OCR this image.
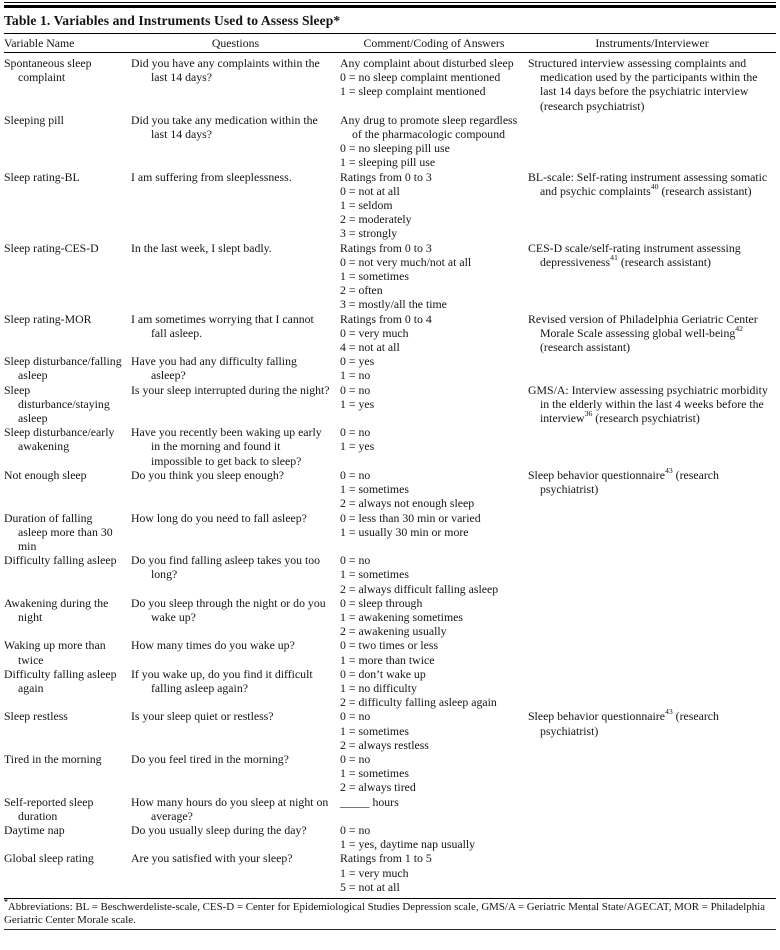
Table 1. Variables and Instruments Used to Assess Sleep*
Variable Name	Questions	Comment/Coding of Answers	Instruments/Interviewer

Spontaneous sleep complaint	Did you have any complaints within the last 14 days?	Any complaint about disturbed sleep
0 = no sleep complaint mentioned
1 = sleep complaint mentioned	Structured interview assessing complaints and medication used by the participants within the last 14 days before the psychiatric interview (research psychiatrist)

Sleeping pill	Did you take any medication within the last 14 days?	Any drug to promote sleep regardless of the pharmacologic compound
0 = no sleeping pill use
1 = sleeping pill use	

Sleep rating-BL	I am suffering from sleeplessness.	Ratings from 0 to 3
0 = not at all
1 = seldom
2 = moderately
3 = strongly	BL-scale: Self-rating instrument assessing somatic and psychic complaints$^{40}$ (research assistant)

Sleep rating-CES-D	In the last week, I slept badly.	Ratings from 0 to 3
0 = not very much/not at all
1 = sometimes
2 = often
3 = mostly/all the time	CES-D scale/self-rating instrument assessing depressiveness$^{41}$ (research assistant)

Sleep rating-MOR	I am sometimes worrying that I cannot fall asleep.	Ratings from 0 to 4
0 = very much
4 = not at all	Revised version of Philadelphia Geriatric Center Morale Scale assessing global well-being$^{42}$ (research assistant)

Sleep disturbance/falling asleep	Have you had any difficulty falling asleep?	0 = yes
1 = no	

Sleep disturbance/staying asleep	Is your sleep interrupted during the night?	0 = no
1 = yes	GMS/A: Interview assessing psychiatric morbidity in the elderly within the last 4 weeks before the interview$^{36}$ (research psychiatrist)

Sleep disturbance/early awakening	Have you recently been waking up early in the morning and found it impossible to get back to sleep?	0 = no
1 = yes	

Not enough sleep	Do you think you sleep enough?	0 = no
1 = sometimes
2 = always not enough sleep	Sleep behavior questionnaire$^{43}$ (research psychiatrist)

Duration of falling asleep more than 30 min	How long do you need to fall asleep?	0 = less than 30 min or varied
1 = usually 30 min or more	

Difficulty falling asleep	Do you find falling asleep takes you too long?	0 = no
1 = sometimes
2 = always difficult falling asleep	

Awakening during the night	Do you sleep through the night or do you wake up?	0 = sleep through
1 = awakening sometimes
2 = awakening usually	

Waking up more than twice	How many times do you wake up?	0 = two times or less
1 = more than twice	

Difficulty falling asleep again	If you wake up, do you find it difficult falling asleep again?	0 = don’t wake up
1 = no difficulty
2 = difficulty falling asleep again	

Sleep restless	Is your sleep quiet or restless?	0 = no
1 = sometimes
2 = always restless	Sleep behavior questionnaire$^{43}$ (research psychiatrist)

Tired in the morning	Do you feel tired in the morning?	0 = no
1 = sometimes
2 = always tired	

Self-reported sleep duration	How many hours do you sleep at night on average?	_____ hours	

Daytime nap	Do you usually sleep during the day?	0 = no
1 = yes, daytime nap usually	

Global sleep rating	Are you satisfied with your sleep?	Ratings from 1 to 5
1 = very much
5 = not at all	

*Abbreviations: BL = Beschwerdeliste-scale, CES-D = Center for Epidemiological Studies Depression scale, GMS/A = Geriatric Mental State/AGECAT, MOR = Philadelphia Geriatric Center Morale scale.
